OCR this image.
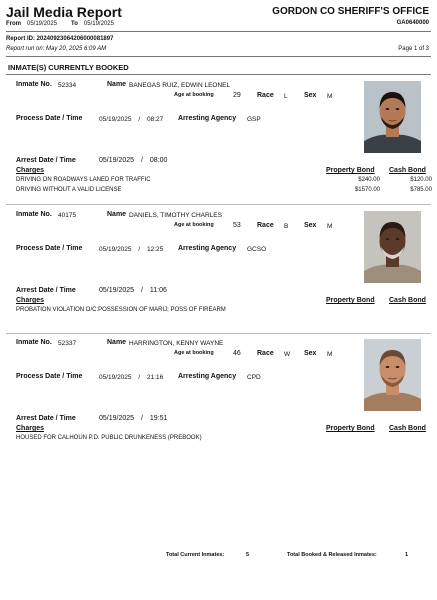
Jail Media Report	GORDON CO SHERIFF'S OFFICE
GA0640000
From 05/19/2025 To 05/19/2025
Report ID: 20240923064206000081897
Report run on: May 20, 2025 6:09 AM	Page 1 of 3
INMATE(S) CURRENTLY BOOKED
Inmate No. 52334	Name BANEGAS RUIZ, EDWIN LEONEL
Age at booking	29 Race L Sex M
Process Date / Time	05/19/2025 / 08:27 Arresting Agency GSP
Arrest Date / Time	05/19/2025 / 08:00
Charges	Property Bond Cash Bond
DRIVING ON ROADWAYS LANED FOR TRAFFIC	$240.00	$120.00
DRIVING WITHOUT A VALID LICENSE	$1570.00	$785.00
Inmate No. 40175	Name DANIELS, TIMOTHY CHARLES
Age at booking	53 Race B Sex M
Process Date / Time	05/19/2025 / 12:25 Arresting Agency GCSO
Arrest Date / Time	05/19/2025 / 11:06
Charges	Property Bond Cash Bond
PROBATION VIOLATION O/C:POSSESSION OF MARIJ; POSS OF FIREARM
Inmate No. 52337	Name HARRINGTON, KENNY WAYNE
Age at booking	46 Race W Sex M
Process Date / Time	05/19/2025 / 21:16 Arresting Agency CPD
Arrest Date / Time	05/19/2025 / 19:51
Charges	Property Bond Cash Bond
HOUSED FOR CALHOUN P.D. PUBLIC DRUNKENESS (PREBOOK)
Total Current Inmates:	5	Total Booked & Released Inmates:	1
